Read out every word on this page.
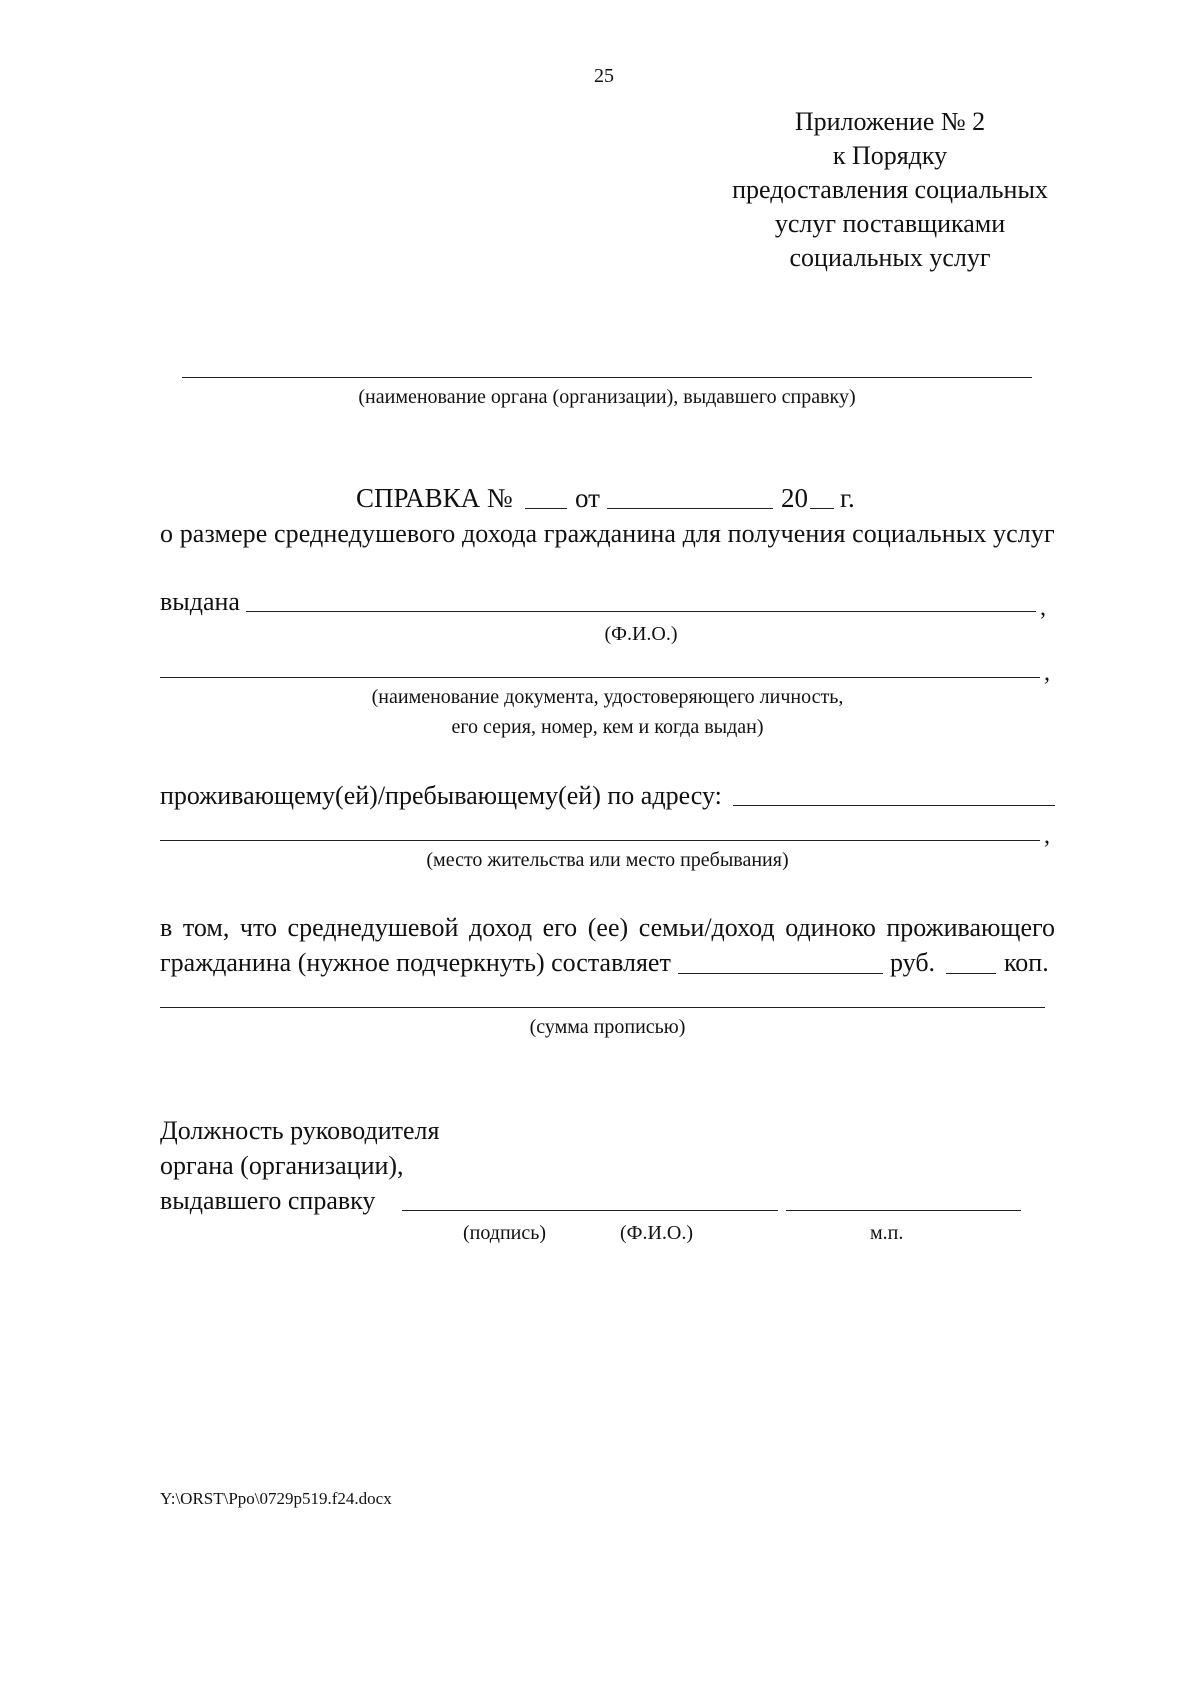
25
Приложение № 2
к Порядку
предоставления социальных
услуг поставщиками
социальных услуг
(наименование органа (организации), выдавшего справку)
СПРАВКА № от	20 г.
о размере среднедушевого дохода гражданина для получения социальных услуг
выдана	,
(Ф.И.О.)
,
(наименование документа, удостоверяющего личность,
его серия, номер, кем и когда выдан)
проживающему(ей)/пребывающему(ей) по адресу:
,
(место жительства или место пребывания)
в том, что среднедушевой доход его (ее) семьи/доход одиноко проживающего
гражданина (нужное подчеркнуть) составляет	руб.	коп.
(сумма прописью)
Должность руководителя
органа (организации),
выдавшего справку
(подпись)	(Ф.И.О.)	м.п.
Y:\ORST\Ppo\0729p519.f24.docx
